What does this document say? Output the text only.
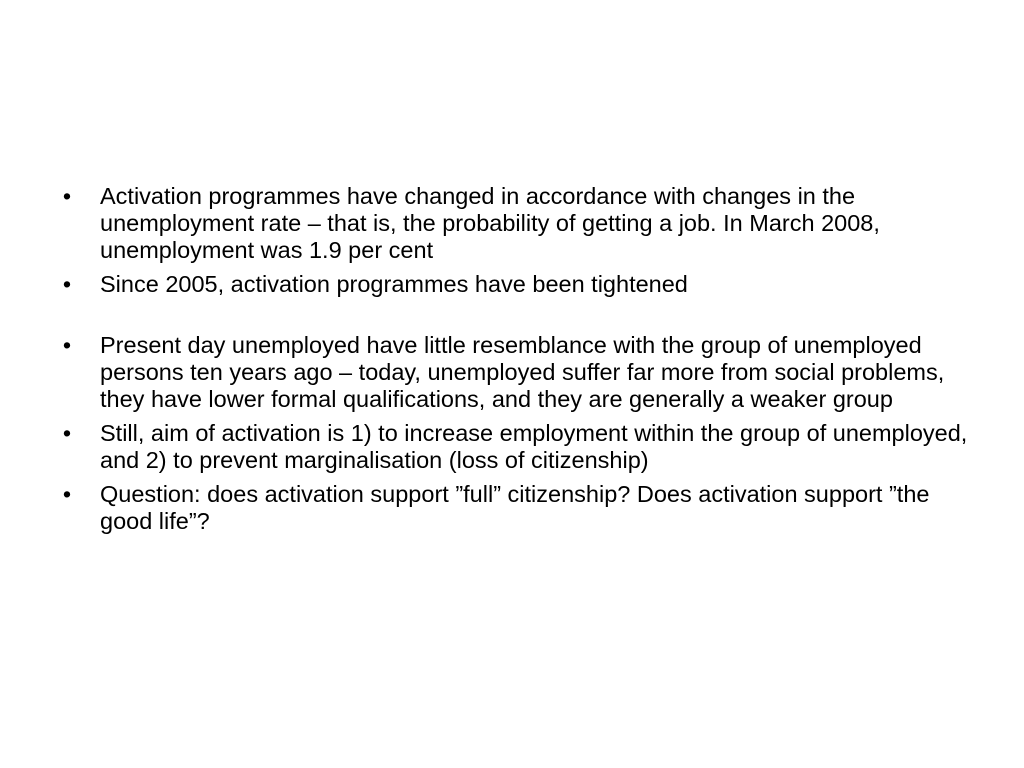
• Activation programmes have changed in accordance with changes in the unemployment rate – that is, the probability of getting a job. In March 2008, unemployment was 1.9 per cent
• Since 2005, activation programmes have been tightened
• Present day unemployed have little resemblance with the group of unemployed persons ten years ago – today, unemployed suffer far more from social problems, they have lower formal qualifications, and they are generally a weaker group
• Still, aim of activation is 1) to increase employment within the group of unemployed, and 2) to prevent marginalisation (loss of citizenship)
• Question: does activation support ”full” citizenship? Does activation support ”the good life”?
